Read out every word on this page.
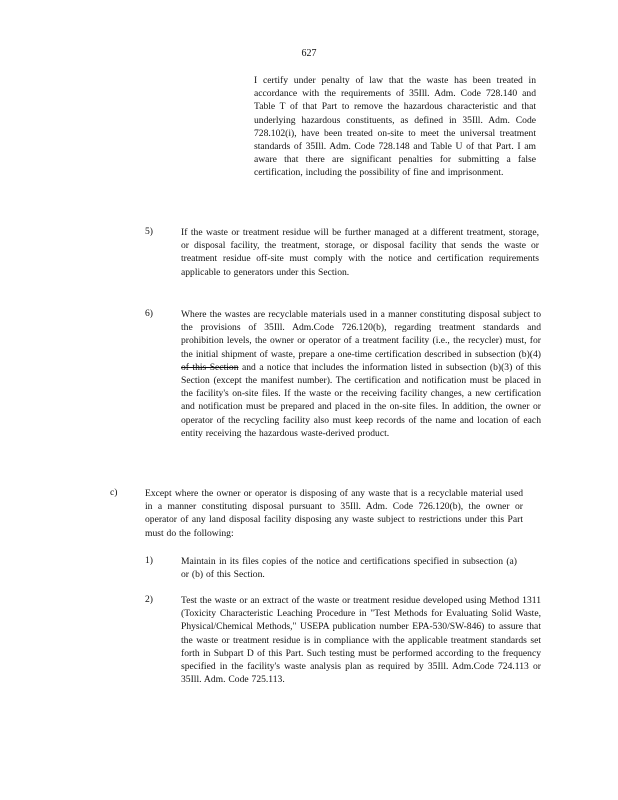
627
I certify under penalty of law that the waste has been treated in accordance with the requirements of 35Ill. Adm. Code 728.140 and Table T of that Part to remove the hazardous characteristic and that underlying hazardous constituents, as defined in 35Ill. Adm. Code 728.102(i), have been treated on-site to meet the universal treatment standards of 35Ill. Adm. Code 728.148 and Table U of that Part. I am aware that there are significant penalties for submitting a false certification, including the possibility of fine and imprisonment.
5)	If the waste or treatment residue will be further managed at a different treatment, storage, or disposal facility, the treatment, storage, or disposal facility that sends the waste or treatment residue off-site must comply with the notice and certification requirements applicable to generators under this Section.
6)	Where the wastes are recyclable materials used in a manner constituting disposal subject to the provisions of 35Ill. Adm.Code 726.120(b), regarding treatment standards and prohibition levels, the owner or operator of a treatment facility (i.e., the recycler) must, for the initial shipment of waste, prepare a one-time certification described in subsection (b)(4) of this Section and a notice that includes the information listed in subsection (b)(3) of this Section (except the manifest number). The certification and notification must be placed in the facility's on-site files. If the waste or the receiving facility changes, a new certification and notification must be prepared and placed in the on-site files. In addition, the owner or operator of the recycling facility also must keep records of the name and location of each entity receiving the hazardous waste-derived product.
c)	Except where the owner or operator is disposing of any waste that is a recyclable material used in a manner constituting disposal pursuant to 35Ill. Adm. Code 726.120(b), the owner or operator of any land disposal facility disposing any waste subject to restrictions under this Part must do the following:
1)	Maintain in its files copies of the notice and certifications specified in subsection (a) or (b) of this Section.
2)	Test the waste or an extract of the waste or treatment residue developed using Method 1311 (Toxicity Characteristic Leaching Procedure in "Test Methods for Evaluating Solid Waste, Physical/Chemical Methods," USEPA publication number EPA-530/SW-846) to assure that the waste or treatment residue is in compliance with the applicable treatment standards set forth in Subpart D of this Part. Such testing must be performed according to the frequency specified in the facility's waste analysis plan as required by 35Ill. Adm.Code 724.113 or 35Ill. Adm. Code 725.113.
